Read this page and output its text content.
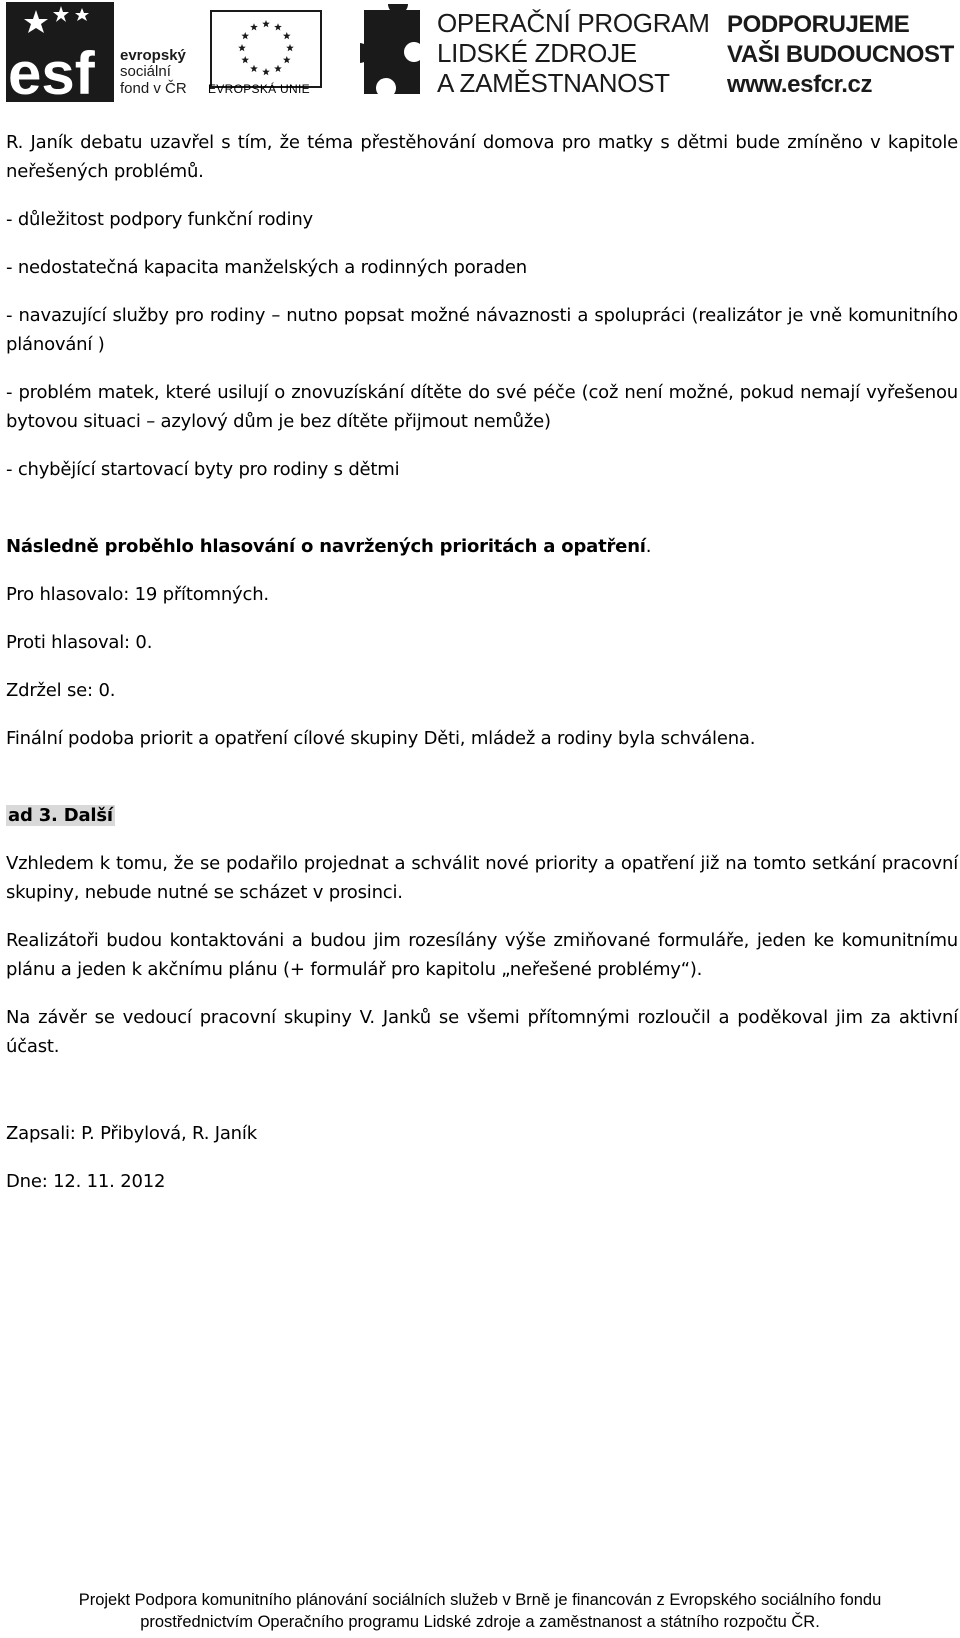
esf evropský
sociální
fond v ČR EVROPSKÁ UNIE
OPERAČNÍ PROGRAM
LIDSKÉ ZDROJE
A ZAMĚSTNANOST
PODPORUJEME
VAŠI BUDOUCNOST
www.esfcr.cz

R. Janík debatu uzavřel s tím, že téma přestěhování domova pro matky s dětmi bude zmíněno v kapitole neřešených problémů.

- důležitost podpory funkční rodiny

- nedostatečná kapacita manželských a rodinných poraden

- navazující služby pro rodiny – nutno popsat možné návaznosti a spolupráci (realizátor je vně komunitního plánování )

- problém matek, které usilují o znovuzískání dítěte do své péče (což není možné, pokud nemají vyřešenou bytovou situaci – azylový dům je bez dítěte přijmout nemůže)

- chybějící startovací byty pro rodiny s dětmi

Následně proběhlo hlasování o navržených prioritách a opatření.

Pro hlasovalo: 19 přítomných.

Proti hlasoval: 0.

Zdržel se: 0.

Finální podoba priorit a opatření cílové skupiny Děti, mládež a rodiny byla schválena.

ad 3. Další

Vzhledem k tomu, že se podařilo projednat a schválit nové priority a opatření již na tomto setkání pracovní skupiny, nebude nutné se scházet v prosinci.

Realizátoři budou kontaktováni a budou jim rozesílány výše zmiňované formuláře, jeden ke komunitnímu plánu a jeden k akčnímu plánu (+ formulář pro kapitolu „neřešené problémy“).

Na závěr se vedoucí pracovní skupiny V. Janků se všemi přítomnými rozloučil a poděkoval jim za aktivní účast.

Zapsali: P. Přibylová, R. Janík

Dne: 12. 11. 2012

Projekt Podpora komunitního plánování sociálních služeb v Brně je financován z Evropského sociálního fondu
prostřednictvím Operačního programu Lidské zdroje a zaměstnanost a státního rozpočtu ČR.
